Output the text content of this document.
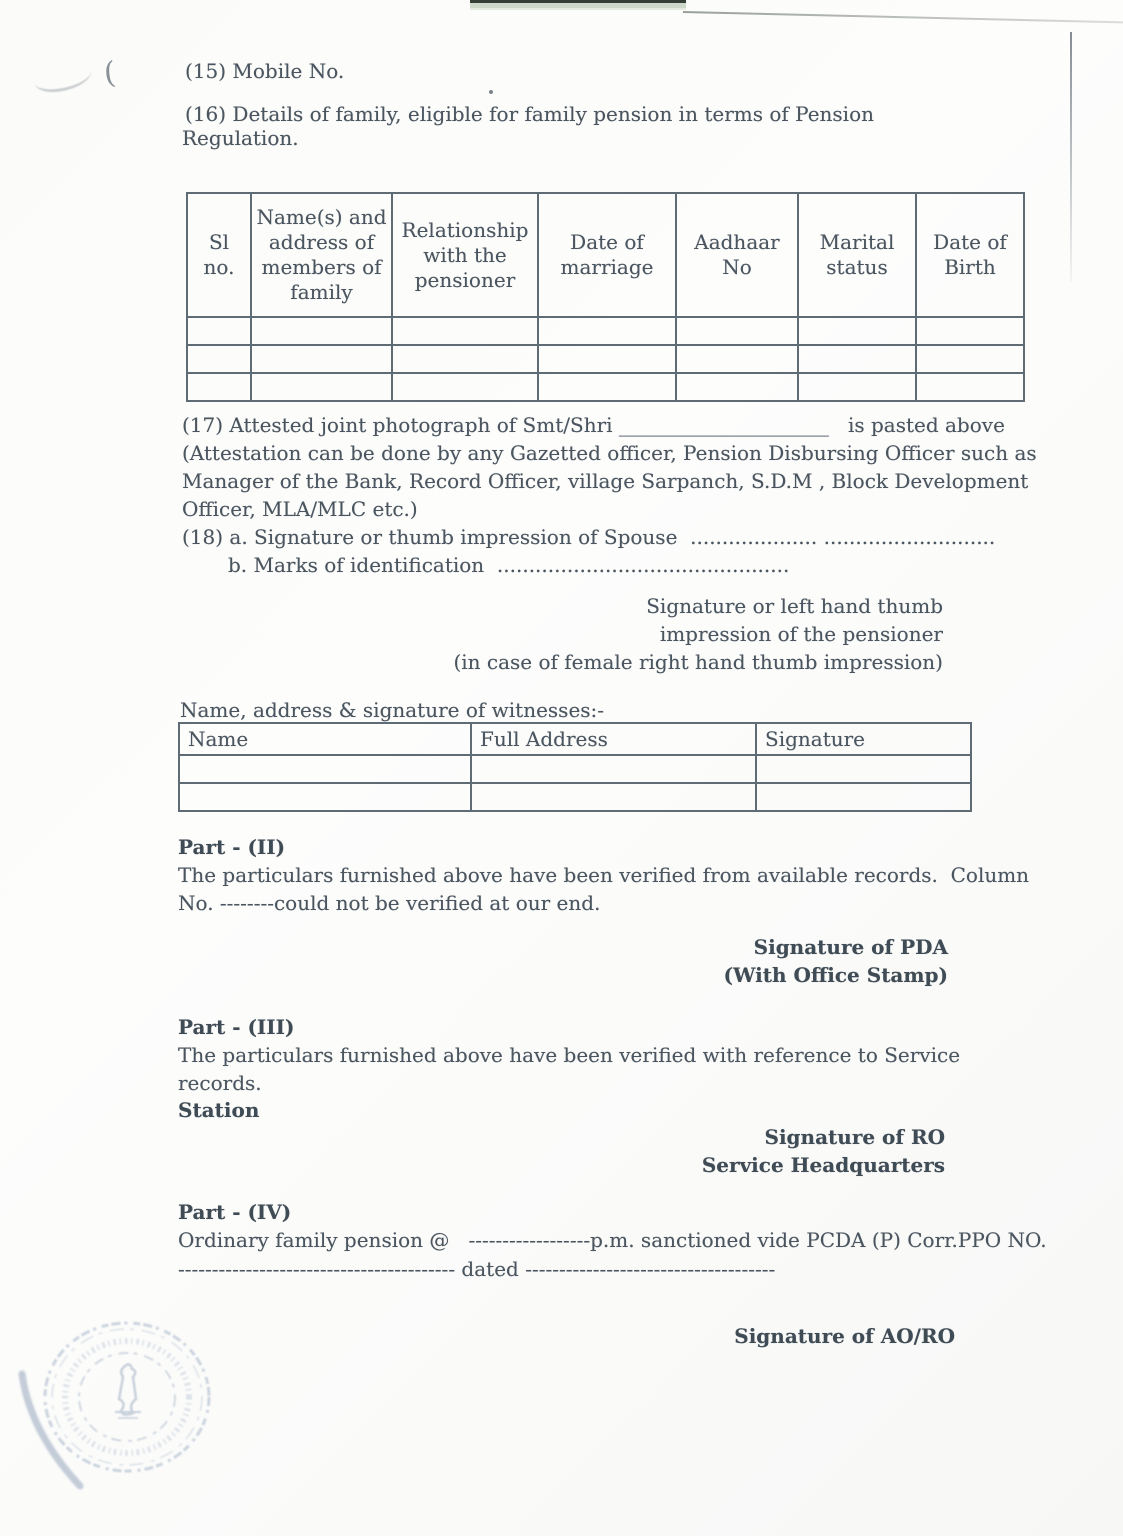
(	(15) Mobile No.
(16) Details of family, eligible for family pension in terms of Pension
Regulation.
Sl no.	Name(s) and address of members of family	Relationship with the pensioner	Date of marriage	Aadhaar No	Marital status	Date of Birth

(17) Attested joint photograph of Smt/Shri _____________________   is pasted above
(Attestation can be done by any Gazetted officer, Pension Disbursing Officer such as
Manager of the Bank, Record Officer, village Sarpanch, S.D.M , Block Development
Officer, MLA/MLC etc.)
(18) a. Signature or thumb impression of Spouse  .................... ...........................
b. Marks of identification  ..............................................
Signature or left hand thumb
impression of the pensioner
(in case of female right hand thumb impression)
Name, address & signature of witnesses:-
Name	Full Address	Signature

Part - (II)
The particulars furnished above have been verified from available records.  Column
No. --------could not be verified at our end.
Signature of PDA
(With Office Stamp)
Part - (III)
The particulars furnished above have been verified with reference to Service
records.
Station
Signature of RO
Service Headquarters
Part - (IV)
Ordinary family pension @   ------------------p.m. sanctioned vide PCDA (P) Corr.PPO NO.
----------------------------------------- dated -------------------------------------
Signature of AO/RO
